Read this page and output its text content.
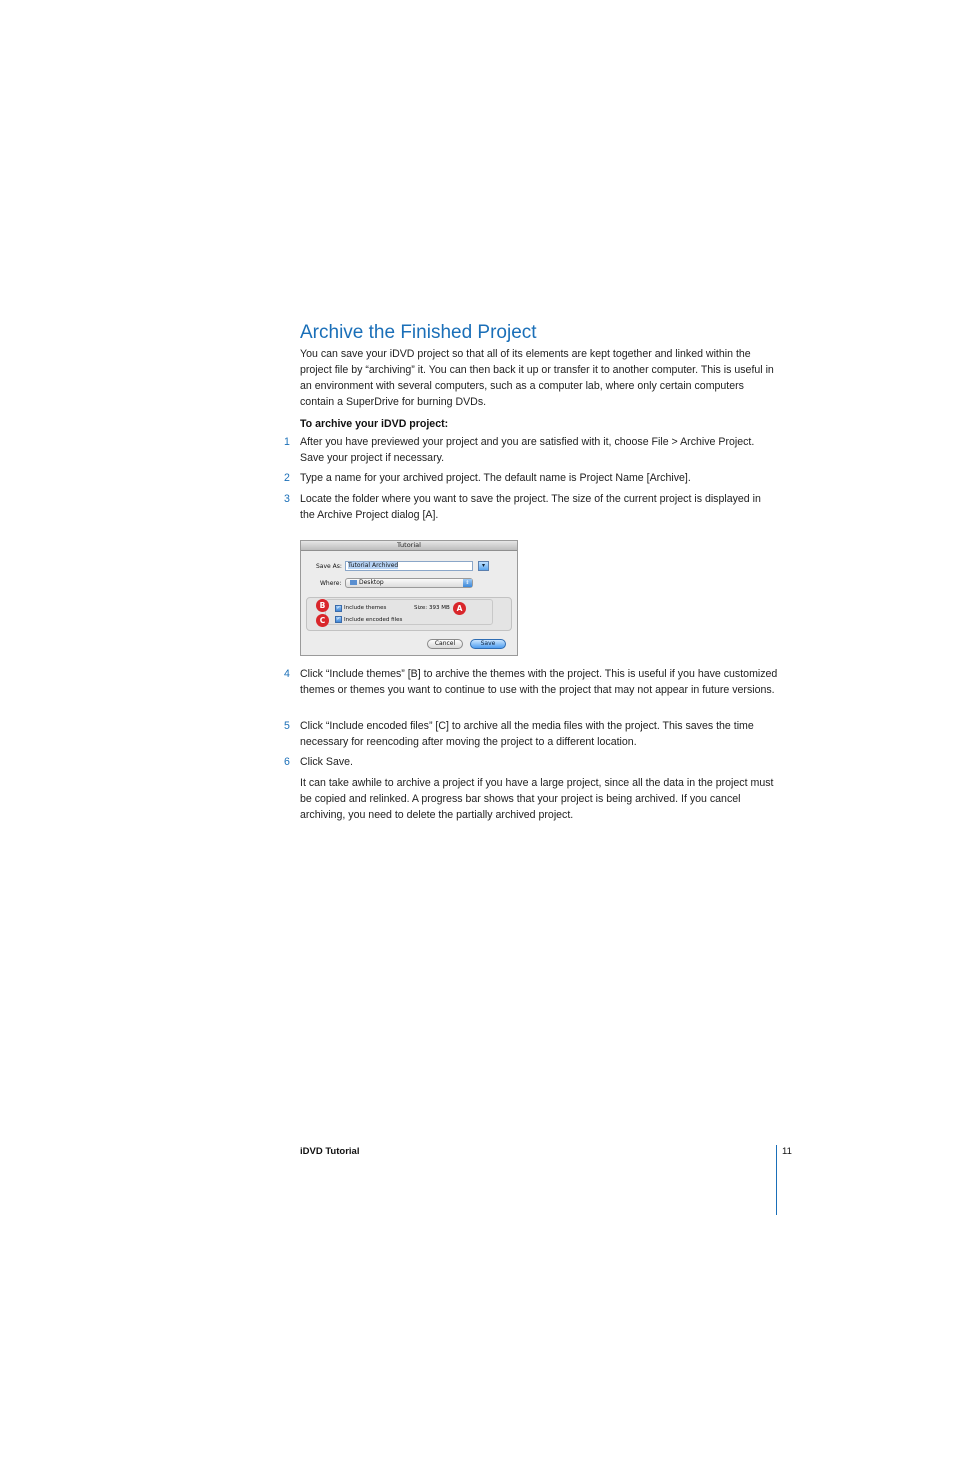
Archive the Finished Project
You can save your iDVD project so that all of its elements are kept together and linked within the project file by “archiving” it. You can then back it up or transfer it to another computer. This is useful in an environment with several computers, such as a computer lab, where only certain computers contain a SuperDrive for burning DVDs.
To archive your iDVD project:
1 After you have previewed your project and you are satisfied with it, choose File > Archive Project. Save your project if necessary.
2 Type a name for your archived project. The default name is Project Name [Archive].
3 Locate the folder where you want to save the project. The size of the current project is displayed in the Archive Project dialog [A].
Tutorial
Save As:	Tutorial Archived	▾
Where:	Desktop	⇕
✓ Include themes	Size: 393 MB
✓ Include encoded files
B
C
A
Cancel	Save
4 Click “Include themes” [B] to archive the themes with the project. This is useful if you have customized themes or themes you want to continue to use with the project that may not appear in future versions.
5 Click “Include encoded files” [C] to archive all the media files with the project. This saves the time necessary for reencoding after moving the project to a different location.
6 Click Save.
It can take awhile to archive a project if you have a large project, since all the data in the project must be copied and relinked. A progress bar shows that your project is being archived. If you cancel archiving, you need to delete the partially archived project.
iDVD Tutorial	11
